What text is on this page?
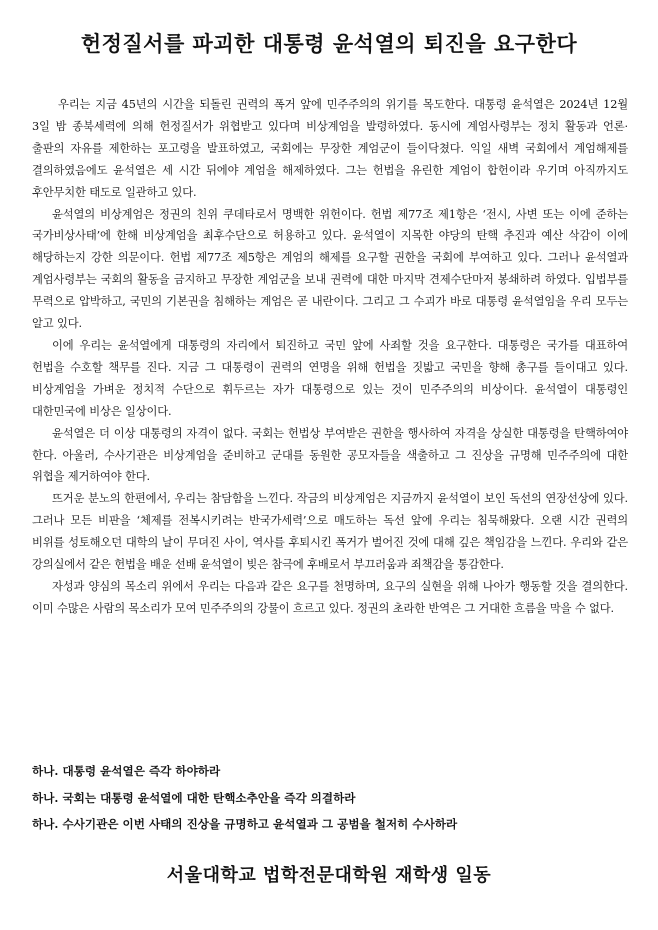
헌정질서를 파괴한 대통령 윤석열의 퇴진을 요구한다

우리는 지금 45년의 시간을 되돌린 권력의 폭거 앞에 민주주의의 위기를 목도한다. 대통령 윤석열은 2024년 12월 3일 밤 종북세력에 의해 헌정질서가 위협받고 있다며 비상계엄을 발령하였다. 동시에 계엄사령부는 정치 활동과 언론·출판의 자유를 제한하는 포고령을 발표하였고, 국회에는 무장한 계엄군이 들이닥쳤다. 익일 새벽 국회에서 계엄해제를 결의하였음에도 윤석열은 세 시간 뒤에야 계엄을 해제하였다. 그는 헌법을 유린한 계엄이 합헌이라 우기며 아직까지도 후안무치한 태도로 일관하고 있다.

윤석열의 비상계엄은 정권의 친위 쿠데타로서 명백한 위헌이다. 헌법 제77조 제1항은 ‘전시, 사변 또는 이에 준하는 국가비상사태’에 한해 비상계엄을 최후수단으로 허용하고 있다. 윤석열이 지목한 야당의 탄핵 추진과 예산 삭감이 이에 해당하는지 강한 의문이다. 헌법 제77조 제5항은 계엄의 해제를 요구할 권한을 국회에 부여하고 있다. 그러나 윤석열과 계엄사령부는 국회의 활동을 금지하고 무장한 계엄군을 보내 권력에 대한 마지막 견제수단마저 봉쇄하려 하였다. 입법부를 무력으로 압박하고, 국민의 기본권을 침해하는 계엄은 곧 내란이다. 그리고 그 수괴가 바로 대통령 윤석열임을 우리 모두는 알고 있다.

이에 우리는 윤석열에게 대통령의 자리에서 퇴진하고 국민 앞에 사죄할 것을 요구한다. 대통령은 국가를 대표하여 헌법을 수호할 책무를 진다. 지금 그 대통령이 권력의 연명을 위해 헌법을 짓밟고 국민을 향해 총구를 들이대고 있다. 비상계엄을 가벼운 정치적 수단으로 휘두르는 자가 대통령으로 있는 것이 민주주의의 비상이다. 윤석열이 대통령인 대한민국에 비상은 일상이다.

윤석열은 더 이상 대통령의 자격이 없다. 국회는 헌법상 부여받은 권한을 행사하여 자격을 상실한 대통령을 탄핵하여야 한다. 아울러, 수사기관은 비상계엄을 준비하고 군대를 동원한 공모자들을 색출하고 그 진상을 규명해 민주주의에 대한 위협을 제거하여야 한다.

뜨거운 분노의 한편에서, 우리는 참담함을 느낀다. 작금의 비상계엄은 지금까지 윤석열이 보인 독선의 연장선상에 있다. 그러나 모든 비판을 ‘체제를 전복시키려는 반국가세력’으로 매도하는 독선 앞에 우리는 침묵해왔다. 오랜 시간 권력의 비위를 성토해오던 대학의 날이 무뎌진 사이, 역사를 후퇴시킨 폭거가 벌어진 것에 대해 깊은 책임감을 느낀다. 우리와 같은 강의실에서 같은 헌법을 배운 선배 윤석열이 빚은 참극에 후배로서 부끄러움과 죄책감을 통감한다.

자성과 양심의 목소리 위에서 우리는 다음과 같은 요구를 천명하며, 요구의 실현을 위해 나아가 행동할 것을 결의한다. 이미 수많은 사람의 목소리가 모여 민주주의의 강물이 흐르고 있다. 정권의 초라한 반역은 그 거대한 흐름을 막을 수 없다.

하나. 대통령 윤석열은 즉각 하야하라
하나. 국회는 대통령 윤석열에 대한 탄핵소추안을 즉각 의결하라
하나. 수사기관은 이번 사태의 진상을 규명하고 윤석열과 그 공범을 철저히 수사하라
서울대학교 법학전문대학원 재학생 일동
